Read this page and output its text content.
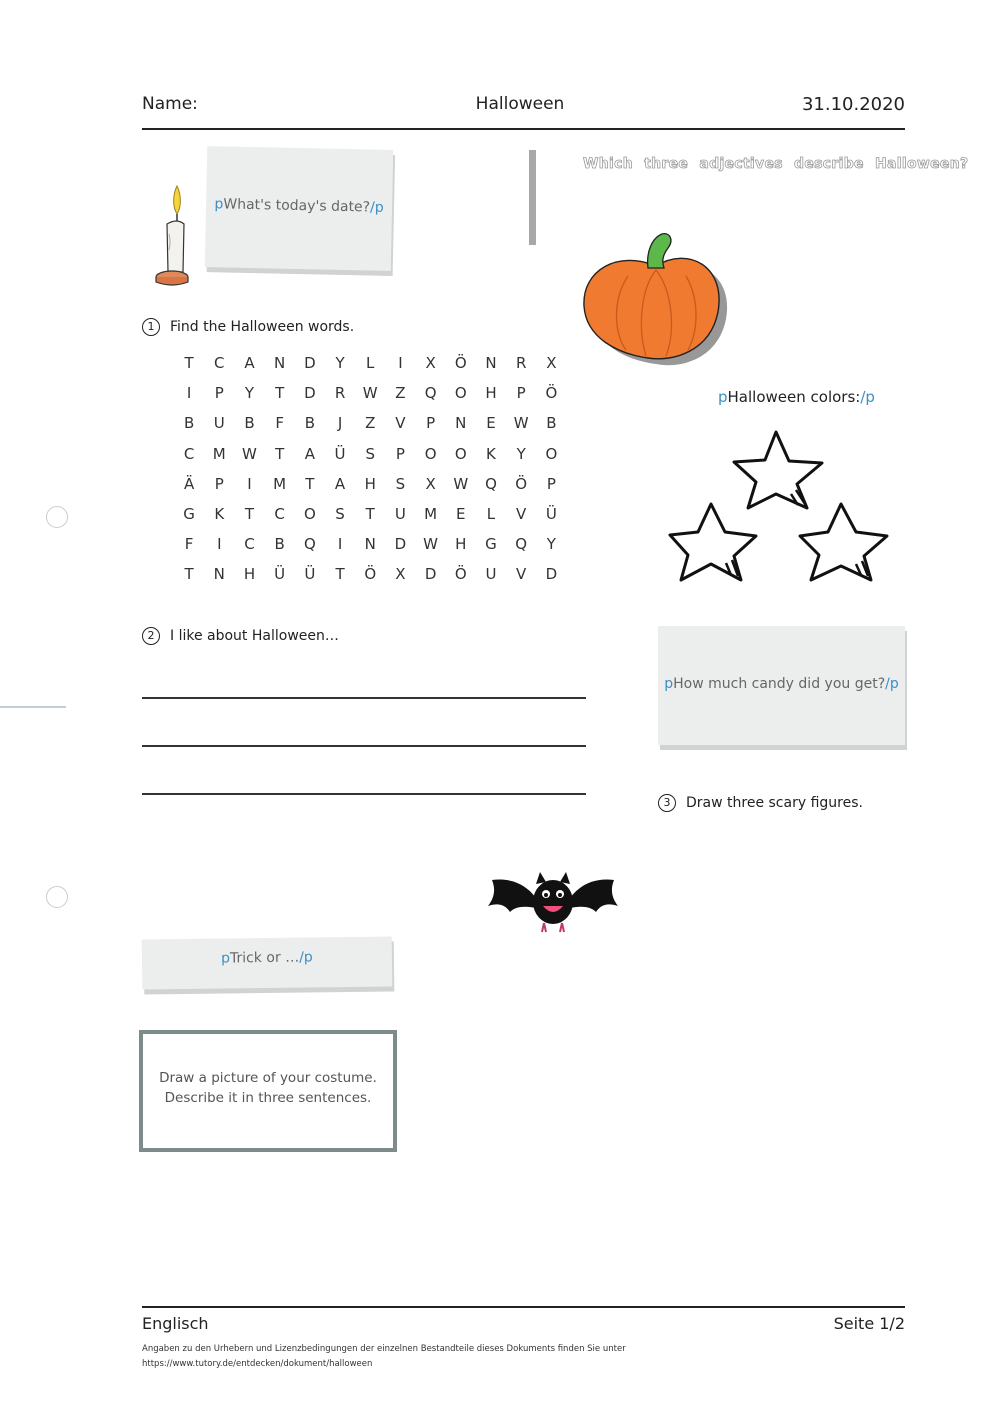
Name:	Halloween	31.10.2020
pWhat's today's date?/p
Which three adjectives describe Halloween?
1 Find the Halloween words.
T	C	A	N	D	Y	L	I	X	Ö	N	R	X
I	P	Y	T	D	R	W	Z	Q	O	H	P	Ö
B	U	B	F	B	J	Z	V	P	N	E	W	B
C	M	W	T	A	Ü	S	P	O	O	K	Y	O
Ä	P	I	M	T	A	H	S	X	W	Q	Ö	P
G	K	T	C	O	S	T	U	M	E	L	V	Ü
F	I	C	B	Q	I	N	D	W	H	G	Q	Y
T	N	H	Ü	Ü	T	Ö	X	D	Ö	U	V	D
pHalloween colors:/p
2 I like about Halloween…
pHow much candy did you get?/p
3 Draw three scary figures.
pTrick or …/p
Draw a picture of your costume.
Describe it in three sentences.
Englisch	Seite 1/2
Angaben zu den Urhebern und Lizenzbedingungen der einzelnen Bestandteile dieses Dokuments finden Sie unter
https://www.tutory.de/entdecken/dokument/halloween
